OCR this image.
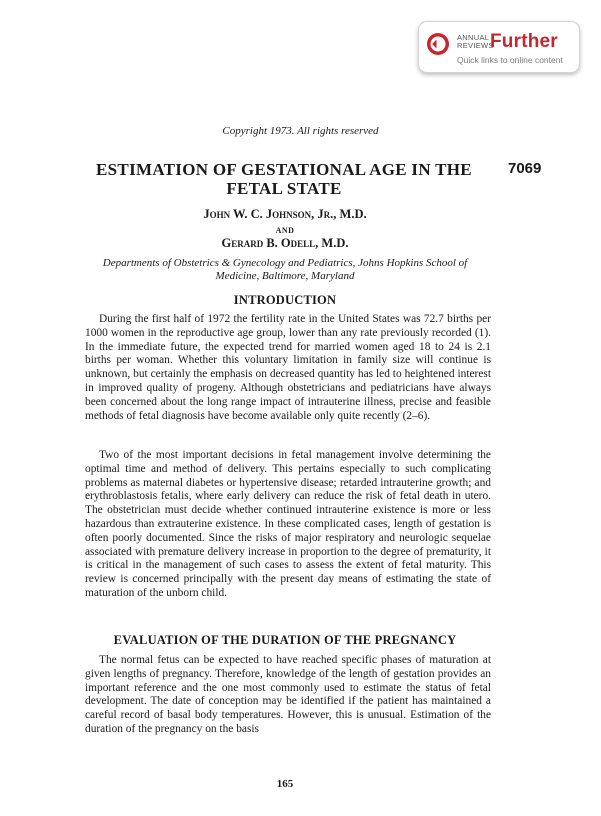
ANNUAL REVIEWS
Further
Quick links to online content
Copyright 1973. All rights reserved
7069
ESTIMATION OF GESTATIONAL AGE IN THE FETAL STATE
John W. C. Johnson, Jr., M.D.
AND
Gerard B. Odell, M.D.
Departments of Obstetrics & Gynecology and Pediatrics, Johns Hopkins School of Medicine, Baltimore, Maryland
INTRODUCTION

During the first half of 1972 the fertility rate in the United States was 72.7 births per 1000 women in the reproductive age group, lower than any rate previously recorded (1). In the immediate future, the expected trend for married women aged 18 to 24 is 2.1 births per woman. Whether this voluntary limitation in family size will continue is unknown, but certainly the emphasis on decreased quantity has led to heightened interest in improved quality of progeny. Although obstetricians and pediatricians have always been concerned about the long range impact of intrauterine illness, precise and feasible methods of fetal diagnosis have become available only quite recently (2–6).

Two of the most important decisions in fetal management involve determining the optimal time and method of delivery. This pertains especially to such complicating problems as maternal diabetes or hypertensive disease; retarded intrauterine growth; and erythroblastosis fetalis, where early delivery can reduce the risk of fetal death in utero. The obstetrician must decide whether continued intrauterine existence is more or less hazardous than extrauterine existence. In these complicated cases, length of gestation is often poorly documented. Since the risks of major respiratory and neurologic sequelae associated with premature delivery increase in proportion to the degree of prematurity, it is critical in the management of such cases to assess the extent of fetal maturity. This review is concerned principally with the present day means of estimating the state of maturation of the unborn child.

EVALUATION OF THE DURATION OF THE PREGNANCY

The normal fetus can be expected to have reached specific phases of maturation at given lengths of pregnancy. Therefore, knowledge of the length of gestation provides an important reference and the one most commonly used to estimate the status of fetal development. The date of conception may be identified if the patient has maintained a careful record of basal body temperatures. However, this is unusual. Estimation of the duration of the pregnancy on the basis

165
